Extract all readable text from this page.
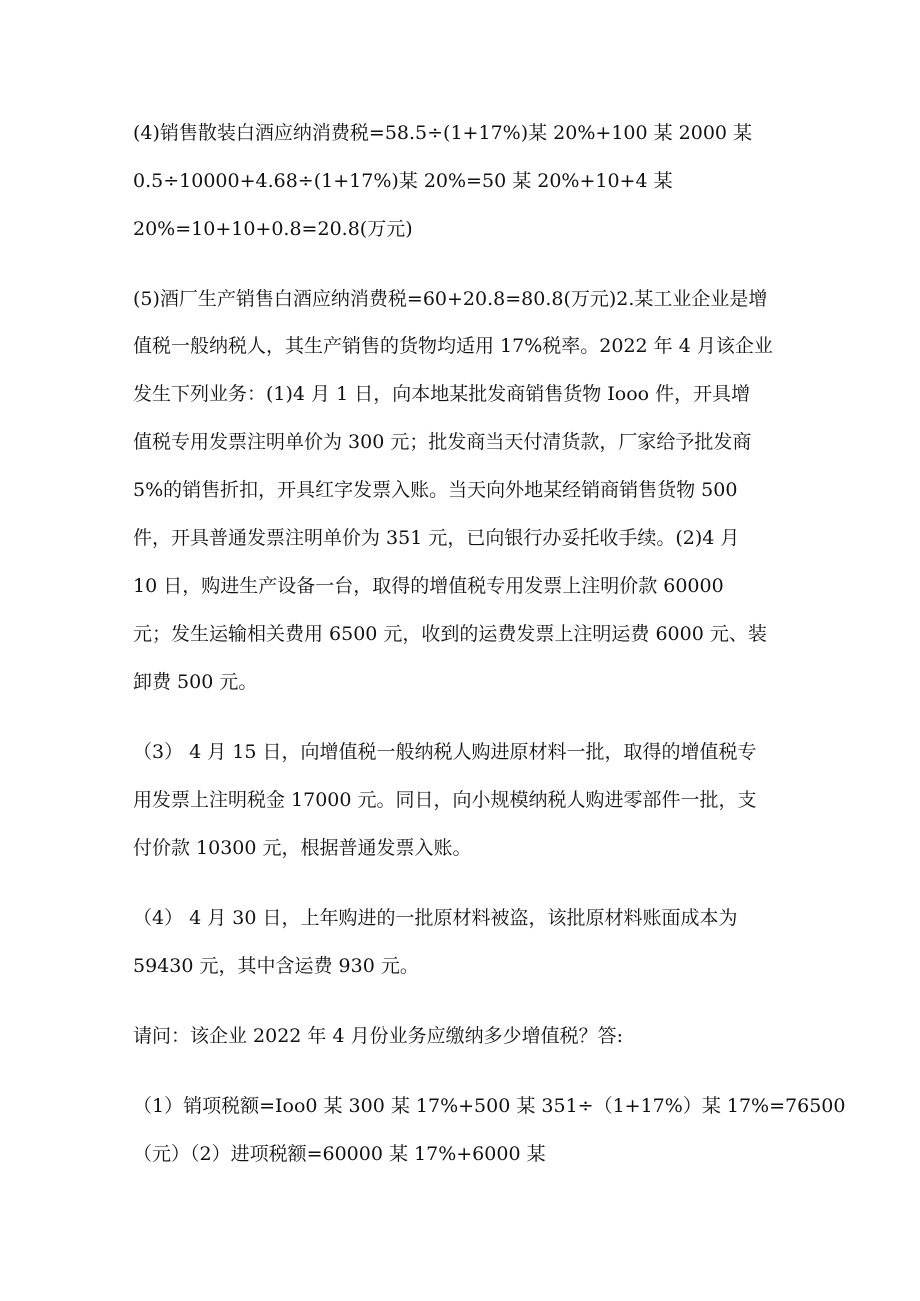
(4)销售散装白酒应纳消费税=58.5÷(1+17%)某 20%+100 某 2000 某
0.5÷10000+4.68÷(1+17%)某 20%=50 某 20%+10+4 某
20%=10+10+0.8=20.8(万元)
(5)酒厂生产销售白酒应纳消费税=60+20.8=80.8(万元)2.某工业企业是增
值税一般纳税人，其生产销售的货物均适用 17%税率。2022 年 4 月该企业
发生下列业务：(1)4 月 1 日，向本地某批发商销售货物 Iooo 件，开具增
值税专用发票注明单价为 300 元；批发商当天付清货款，厂家给予批发商
5%的销售折扣，开具红字发票入账。当天向外地某经销商销售货物 500
件，开具普通发票注明单价为 351 元，已向银行办妥托收手续。(2)4 月
10 日，购进生产设备一台，取得的增值税专用发票上注明价款 60000
元；发生运输相关费用 6500 元，收到的运费发票上注明运费 6000 元、装
卸费 500 元。
（3） 4 月 15 日，向增值税一般纳税人购进原材料一批，取得的增值税专
用发票上注明税金 17000 元。同日，向小规模纳税人购进零部件一批，支
付价款 10300 元，根据普通发票入账。
（4） 4 月 30 日，上年购进的一批原材料被盗，该批原材料账面成本为
59430 元，其中含运费 930 元。
请问：该企业 2022 年 4 月份业务应缴纳多少增值税？答:
（1）销项税额=Ioo0 某 300 某 17%+500 某 351÷（1+17%）某 17%=76500
（元）（2）进项税额=60000 某 17%+6000 某
